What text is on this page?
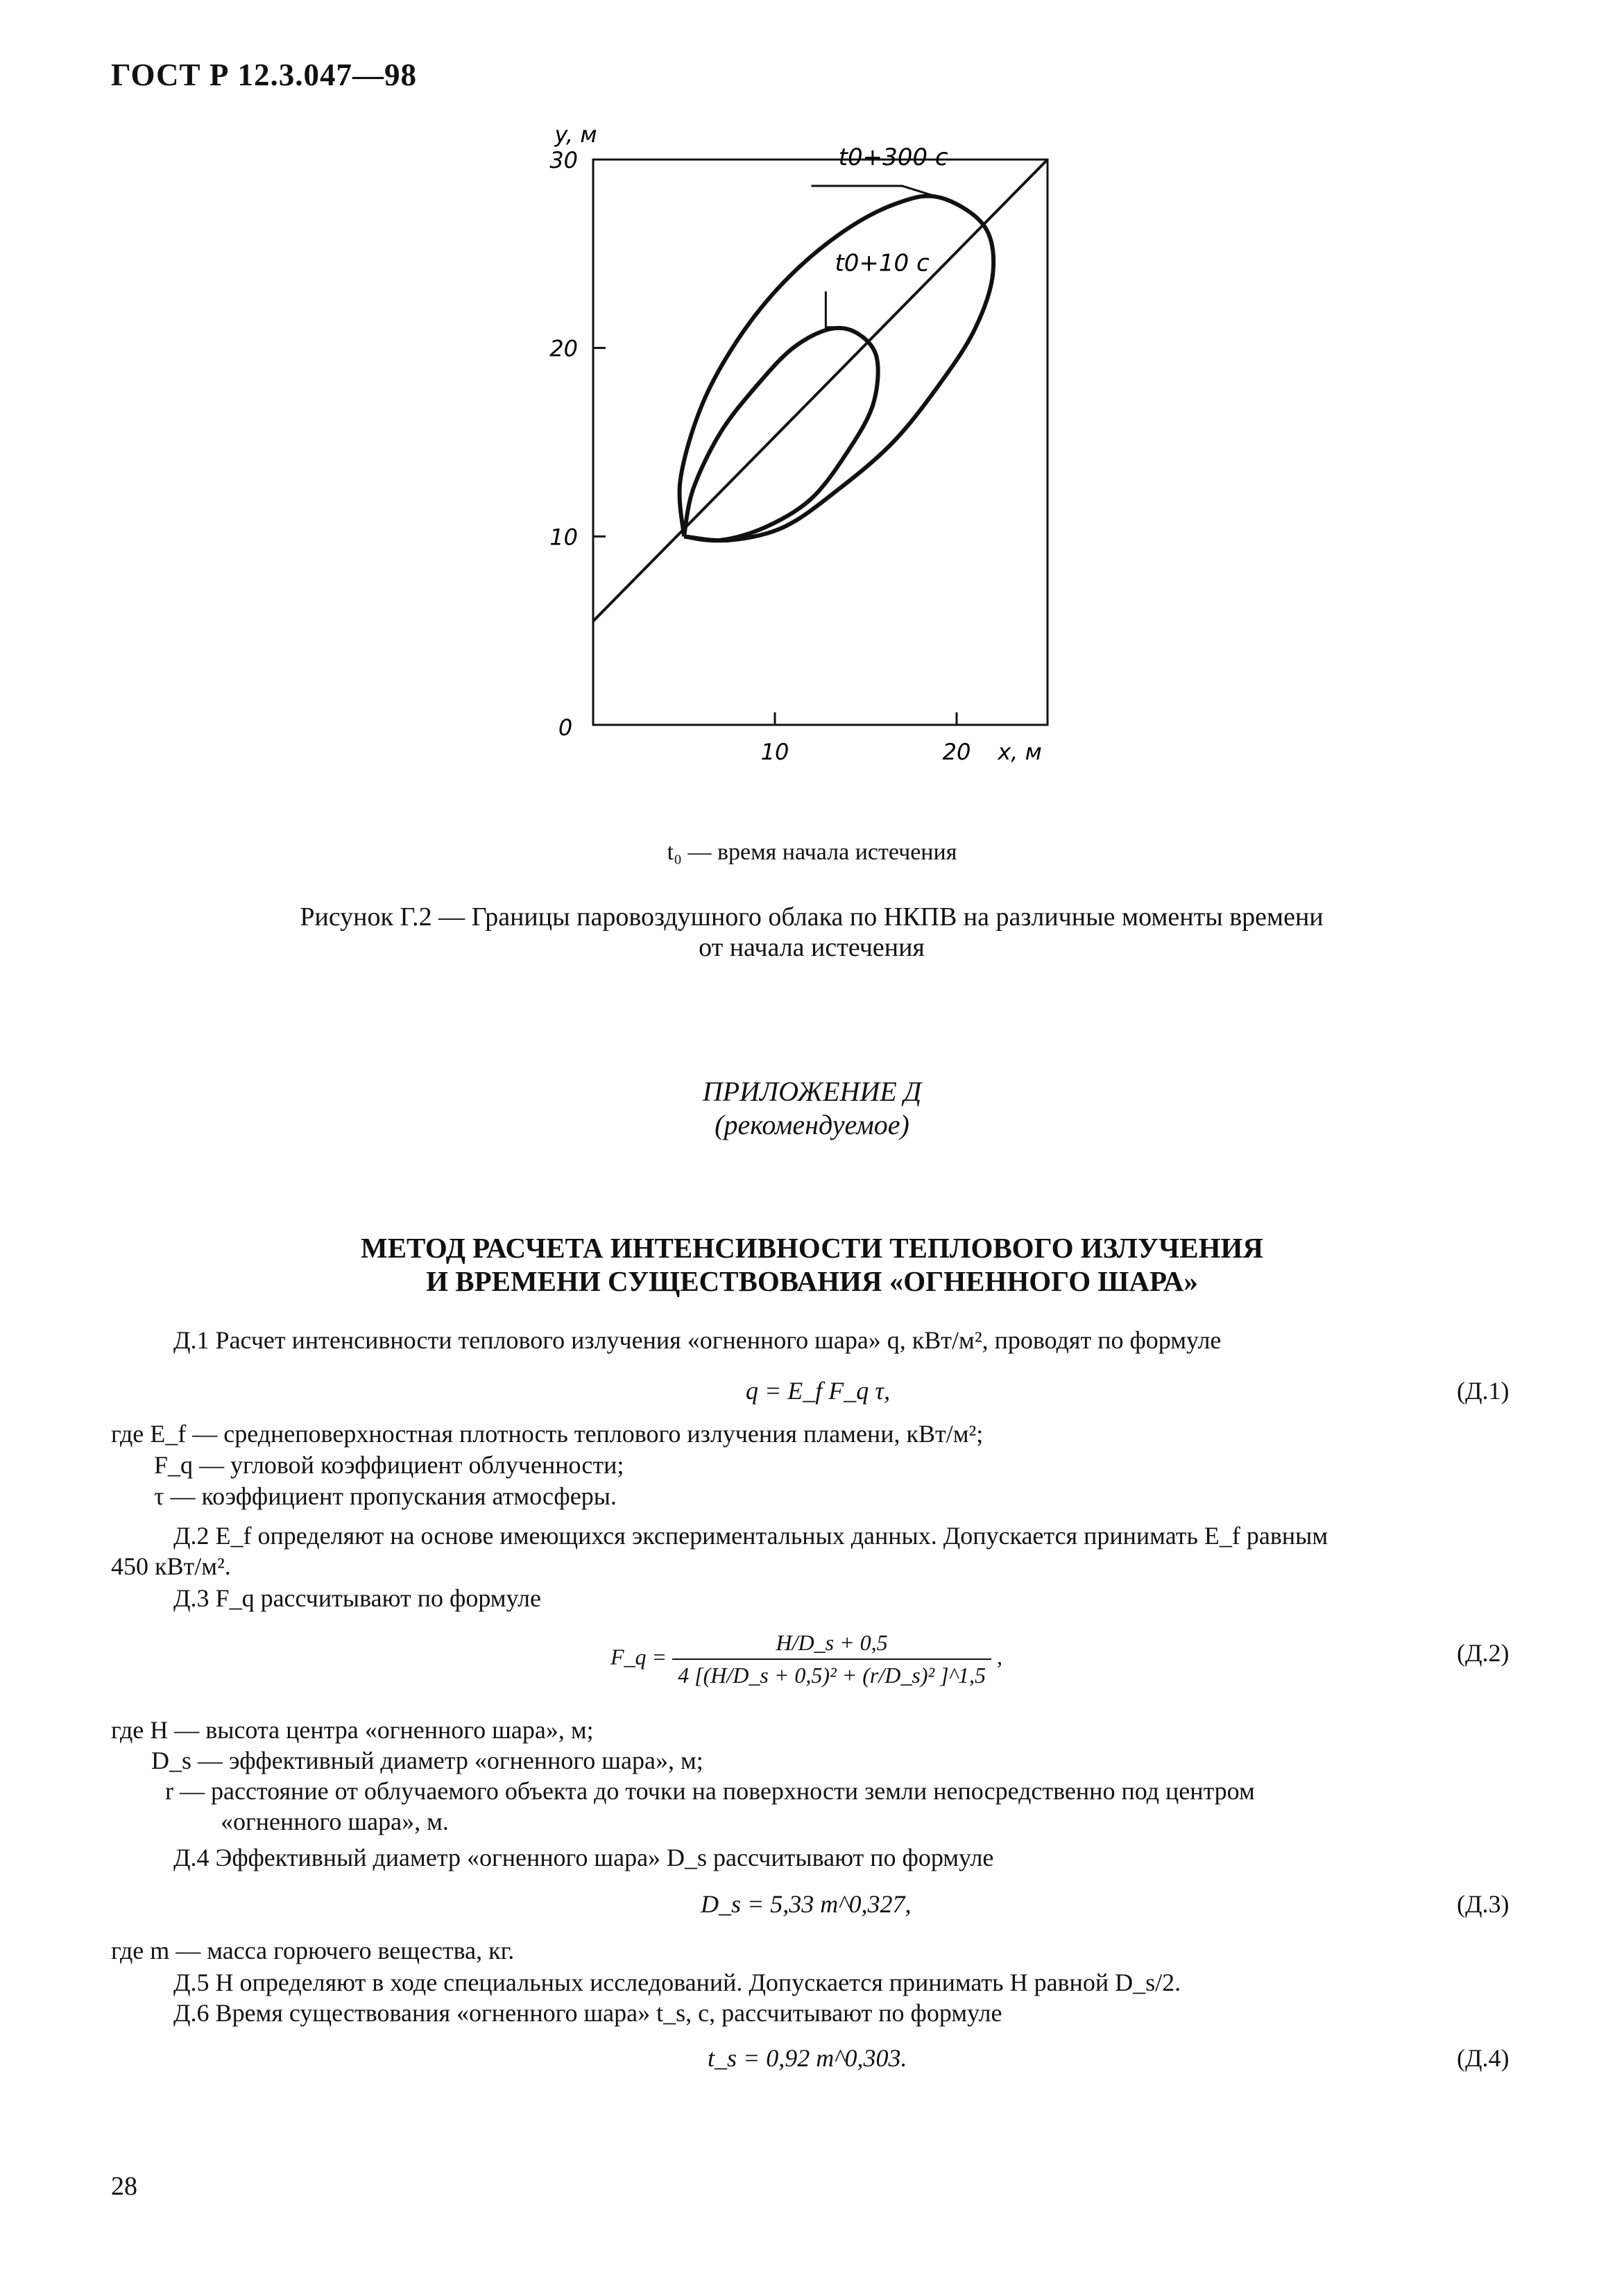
ГОСТ Р 12.3.047—98
30
20
10
10	20
0
y, м
x, м
t0+300 с
t0+10 с
t₀ — время начала истечения
Рисунок Г.2 — Границы паровоздушного облака по НКПВ на различные моменты времени
от начала истечения
ПРИЛОЖЕНИЕ Д
(рекомендуемое)
МЕТОД РАСЧЕТА ИНТЕНСИВНОСТИ ТЕПЛОВОГО ИЗЛУЧЕНИЯ
И ВРЕМЕНИ СУЩЕСТВОВАНИЯ «ОГНЕННОГО ШАРА»
Д.1 Расчет интенсивности теплового излучения «огненного шара» q, кВт/м², проводят по формуле
q = E_f F_q τ,	(Д.1)
где E_f — среднеповерхностная плотность теплового излучения пламени, кВт/м²;
F_q — угловой коэффициент облученности;
τ — коэффициент пропускания атмосферы.
Д.2 E_f определяют на основе имеющихся экспериментальных данных. Допускается принимать E_f равным
450 кВт/м².
Д.3 F_q рассчитывают по формуле
F_q = $\frac{H/D\_s + 0,5}{\text{4 [(H/D\_s + 0,5)² + (r/D\_s)² ]\textasciicircum{}1,5}}$ ,	(Д.2)
где H — высота центра «огненного шара», м;
D_s — эффективный диаметр «огненного шара», м;
r — расстояние от облучаемого объекта до точки на поверхности земли непосредственно под центром
«огненного шара», м.
Д.4 Эффективный диаметр «огненного шара» D_s рассчитывают по формуле
D_s = 5,33 m^0,327,	(Д.3)
где m — масса горючего вещества, кг.
Д.5 H определяют в ходе специальных исследований. Допускается принимать H равной D_s/2.
Д.6 Время существования «огненного шара» t_s, с, рассчитывают по формуле
t_s = 0,92 m^0,303.	(Д.4)
28
